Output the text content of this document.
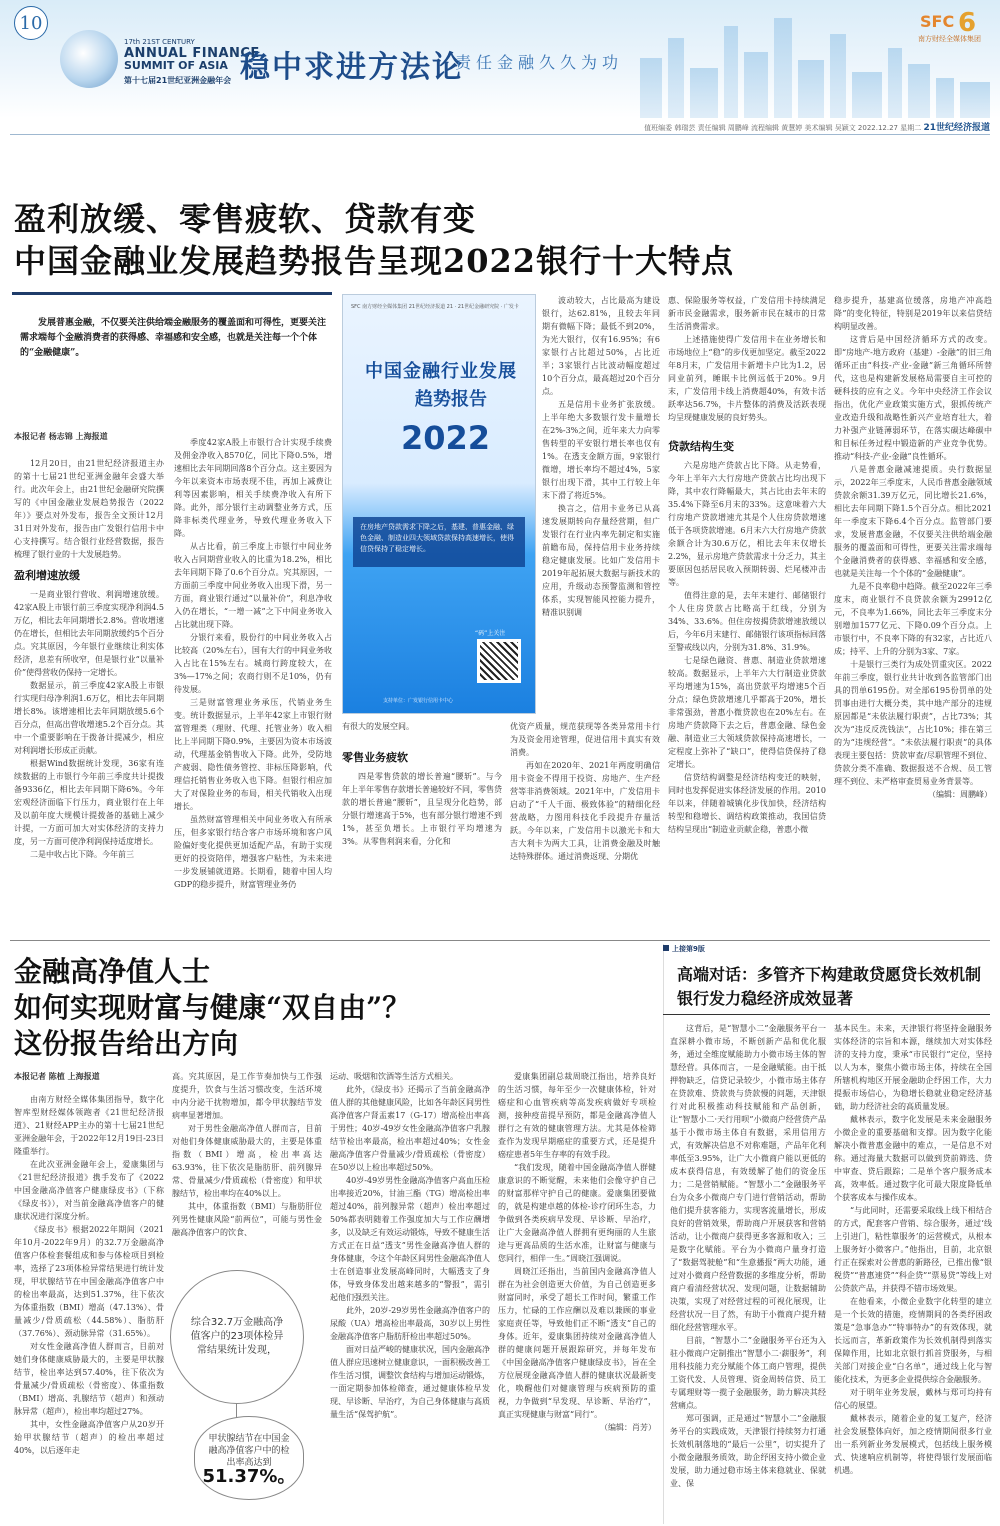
10
17th 21ST CENTURY
ANNUAL FINANCE
SUMMIT OF ASIA
第十七届21世纪亚洲金融年会 稳中求进方法论
责任金融久久为功
SFC 6
南方财经全媒体集团
值班编委 韩瑞芸 责任编辑 周鹏峰 流程编辑 黄慧婷 美术编辑 吴颖文 2022.12.27 星期二 21世纪经济报道
盈利放缓、零售疲软、贷款有变
中国金融业发展趋势报告呈现2022银行十大特点
发展普惠金融，不仅要关注供给端金融服务的覆盖面和可得性，更要关注需求端每个金融消费者的获得感、幸福感和安全感，也就是关注每一个个体的“金融健康”。
本报记者 杨志锦 上海报道

12月20日，由21世纪经济报道主办的第十七届21世纪亚洲金融年会盛大举行。此次年会上，由21世纪金融研究院撰写的《中国金融业发展趋势报告（2022年）》要点对外发布，报告全文预计12月31日对外发布，报告由广发银行信用卡中心支持撰写。结合银行业经营数据，报告梳理了银行业的十大发展趋势。

盈利增速放缓

一是商业银行营收、利润增速放缓。42家A股上市银行前三季度实现净利润4.5万亿，相比去年同期增长2.8%。营收增速仍在增长，但相比去年同期放缓约5个百分点。究其原因，今年银行业继续让利实体经济，息差有所收窄，但是银行业“以量补价”使得营收仍保持一定增长。

数据显示，前三季度42家A股上市银行实现归母净利润1.6万亿，相比去年同期增长8%。该增速相比去年同期放缓5.6个百分点，但高出营收增速5.2个百分点。其中一个重要影响在于拨备计提减少，相应对利润增长形成正贡献。

根据Wind数据统计发现，36家有连续数据的上市银行今年前三季度共计提拨备9336亿，相比去年同期下降6%。今年宏观经济面临下行压力，商业银行在上年及以前年度大规模计提拨备的基础上减少计提，一方面可加大对实体经济的支持力度，另一方面可使净利润保持适度增长。

二是中收占比下降。今年前三

季度42家A股上市银行合计实现手续费及佣金净收入8570亿，同比下降0.5%，增速相比去年同期回落8个百分点。这主要因为今年以来资本市场表现不佳，再加上减费让利等因素影响，相关手续费净收入有所下降。此外，部分银行主动调整业务方式，压降非标类代理业务，导致代理业务收入下降。

从占比看，前三季度上市银行中间业务收入占同期营业收入的比重为18.2%，相比去年同期下降了0.6个百分点。究其原因，一方面前三季度中间业务收入出现下滑，另一方面，商业银行通过“以量补价”，利息净收入仍在增长，“一增一减”之下中间业务收入占比就出现下降。

分银行来看，股份行的中间业务收入占比较高（20%左右），国有大行的中间业务收入占比在15%左右。城商行跨度较大，在3%—17%之间；农商行则不足10%，仍有待发展。

三是财富管理业务承压，代销业务生变。统计数据显示，上半年42家上市银行财富管理类（理财、代理、托管业务）收入相比上半同期下降0.9%，主要因为资本市场波动，代理基金销售收入下降。此外，受防地产疲弱、隐性债务管控、非标压降影响，代理信托销售业务收入也下降。但银行相应加大了对保险业务的布局，相关代销收入出现增长。

虽然财富管理相关中间业务收入有所承压，但多家银行结合客户市场环境和客户风险偏好变化提供更加适配产品，有助于实现更好的投资陪伴，增强客户粘性，为未来进一步发展铺就道路。长期看，随着中国人均GDP的稳步提升，财富管理业务仍

SFC 南方财经全媒体集团 21世纪经济报道 21 · 21世纪金融研究院 · 广发卡
中国金融行业发展
趋势报告
2022
在房地产贷款需求下降之后，基建、普惠金融、绿色金融、制造业四大领域贷款保持高速增长，使得信贷保持了稳定增长。
“码”上关注
支持单位：广发银行信用卡中心

有很大的发展空间。

零售业务疲软

四是零售贷款的增长普遍“腰斩”。与今年上半年零售存款增长普遍较好不同，零售贷款的增长普遍“腰斩”，且呈现分化趋势，部分银行增速高于5%，也有部分银行增速不到1%，甚至负增长。上市银行平均增速为3%。从零售利润来看，分化和

波动较大，占比最高为建设银行，达62.81%，且较去年同期有微幅下降；最低不到20%，为光大银行，仅有16.95%；有6家银行占比超过50%，占比近半；3家银行占比波动幅度超过10个百分点，最高超过20个百分点。

五是信用卡业务扩张放缓。上半年绝大多数银行发卡量增长在2%-3%之间，近年来大力向零售转型的平安银行增长率也仅有1%。在透支金额方面，9家银行微增，增长率均不超过4%，5家银行出现下滑，其中工行较上年末下滑了将近5%。

换言之，信用卡业务已从高速发展期转向存量经营期，但广发银行在行业内率先制定和实施前瞻布局，保持信用卡业务持续稳定健康发展。比如广发信用卡2019年起拓展大数据与新技术的应用，升级动态预警监测和管控体系，实现智能风控能力提升，精准识别调

优资产质量，规范获现等各类异常用卡行为及资金用途管理，促进信用卡真实有效消费。

再如在2020年、2021年两度明确信用卡资金不得用于投资、房地产、生产经营等非消费领域。2021年中，广发信用卡启动了“千人千面、极致体验”的精细化经营战略，力图用科技化手段提升存量活跃。今年以来，广发信用卡以激光卡和大吉大利卡为两大工具，让消费金融及时触达特殊群体。通过消费返现、分期优

惠、保险服务等权益，广发信用卡持续满足新市民金融需求，服务新市民在城市的日常生活消费需求。

上述措施使得广发信用卡在业务增长和市场地位上“稳”的步伐更加坚定。截至2022年8月末，广发信用卡新增卡户比为1.2，居同业前列，睡眠卡比例远低于20%。9月末，广发信用卡线上消费超40%，有效卡活跃率达56.7%，卡片整体的消费及活跃表现均呈现健康发展的良好势头。

贷款结构生变

六是房地产贷款占比下降。从走势看，今年上半年六大行房地产贷款占比均出现下降，其中农行降幅最大，其占比由去年末的35.4%下降至6月末的33%。这意味着六大行房地产贷款增速尤其是个人住房贷款增速低于各项贷款增速。6月末六大行房地产贷款余额合计为30.6万亿，相比去年末仅增长2.2%，显示房地产贷款需求十分乏力，其主要原因包括居民收入预期转弱、烂尾楼冲击等。

值得注意的是，去年末建行、邮储银行个人住房贷款占比略高于红线，分别为34%、33.6%。但住房按揭贷款增速放缓以后，今年6月末建行、邮储银行该项指标回落至警戒线以内，分别为31.8%、31.9%。

七是绿色融资、普惠、制造业贷款增速较高。数据显示，上半年六大行制造业贷款平均增速为15%，高出贷款平均增速5个百分点；绿色贷款增速几乎都高于20%，增长非常强劲，普惠小微贷款也在20%左右。在房地产贷款降下去之后，普惠金融、绿色金融、制造业三大领域贷款保持高速增长，一定程度上弥补了“缺口”，使得信贷保持了稳定增长。

信贷结构调整是经济结构变迁的映射，同时也发挥促进实体经济发展的作用。2010年以来，伴随着城镇化步伐加快，经济结构转型和稳增长、调结构政策推动，我国信贷结构呈现出“制造业贡献企稳，普惠小微

稳步提升，基建高位缓落，房地产冲高趋降”的变化特征，特别是2019年以来信贷结构明显改善。

这背后是中国经济循环方式的改变。即“房地产-地方政府（基建）-金融”的旧三角循环正由“科技-产业-金融”新三角循环所替代，这也是构建新发展格局需要自主可控的硬科技的应有之义。今年中央经济工作会议指出，优化产业政策实施方式，狠抓传统产业改造升级和战略性新兴产业培育壮大，着力补强产业链薄弱环节，在落实碳达峰碳中和目标任务过程中锻造新的产业竞争优势。推动“科技-产业-金融”良性循环。

八是普惠金融减速提质。央行数据显示，2022年三季度末，人民币普惠金融领域贷款余额31.39万亿元，同比增长21.6%，相比去年同期下降1.5个百分点。相比2021年一季度末下降6.4个百分点。监管部门要求，发展普惠金融，不仅要关注供给端金融服务的覆盖面和可得性，更要关注需求端每个金融消费者的获得感、幸福感和安全感，也就是关注每一个个体的“金融健康”。

九是不良率稳中趋降。截至2022年三季度末，商业银行不良贷款余额为29912亿元，不良率为1.66%，同比去年三季度末分别增加1577亿元、下降0.09个百分点。上市银行中，不良率下降的有32家，占比近八成；持平、上升的分别为3家、7家。

十是银行三类行为成处罚重灾区。2022年前三季度，银行业共计收到各监管部门出具的罚单6195份。对全部6195份罚单的处罚事由进行大概分类，其中地产部分的违规原因都是“未依法履行职责”，占比73%；其次为“违反反洗钱法”，占比10%；排在第三的为“违规经营”。“未依法履行职责”的具体表现主要包括：贷款审查/尽职管理不到位、贷款分类不准确、数据报送不合规、员工管理不到位、未严格审查贸易业务背景等。

（编辑：周鹏峰）

金融高净值人士
如何实现财富与健康“双自由”？
这份报告给出方向
本报记者 陈植 上海报道

由南方财经全媒体集团指导，数字化智库型财经媒体领跑者《21世纪经济报道》、21财经APP主办的第十七届21世纪亚洲金融年会，于2022年12月19日-23日隆重举行。

在此次亚洲金融年会上，爱康集团与《21世纪经济报道》携手发布了《2022中国金融高净值客户健康绿皮书》（下称《绿皮书》），对当前金融高净值客户的健康状况进行深度分析。

《绿皮书》根据2022年期间（2021年10月-2022年9月）的32.7万金融高净值客户体检套餐组成和参与体检项目到检率，选择了23项体检异常结果进行统计发现，甲状腺结节在中国金融高净值客户中的检出率最高，达到51.37%，往下依次为体重指数（BMI）增高（47.13%）、骨量减少/骨质疏松（44.58%）、脂肪肝（37.76%）、颈动脉异常（31.65%）。

对女性金融高净值人群而言，目前对她们身体健康威胁最大的，主要是甲状腺结节，检出率达到57.40%，往下依次为骨量减少/骨质疏松（骨密度）、体重指数（BMI）增高、乳腺结节（超声）和颈动脉异常（超声），检出率均超过27%。

其中，女性金融高净值客户从20岁开始甲状腺结节（超声）的检出率超过40%，以后逐年走

高。究其原因，是工作节奏加快与工作强度提升，饮食与生活习惯改变，生活环境中内分泌干扰物增加，都令甲状腺结节发病率显著增加。

对于男性金融高净值人群而言，目前对他们身体健康威胁最大的，主要是体重指数（BMI）增高，检出率高达63.93%，往下依次是脂肪肝、前列腺异常、骨量减少/骨质疏松（骨密度）和甲状腺结节，检出率均在40%以上。

其中，体重指数（BMI）与脂肪肝位列男性健康风险“前两位”，可能与男性金融高净值客户的饮食、

综合32.7万金融高净值客户的23项体检异常结果统计发现，
甲状腺结节在中国金融高净值客户中的检出率高达到
51.37%。

运动、吸烟和饮酒等生活方式相关。

此外，《绿皮书》还揭示了当前金融高净值人群的其他健康风险，比如各年龄区间男性高净值客户肾盂素17（G-17）增高检出率高于男性；40岁-49岁女性金融高净值客户乳腺结节检出率最高，检出率超过40%；女性金融高净值客户骨量减少/骨质疏松（骨密度）在50岁以上检出率超过50%。

40岁-49岁男性金融高净值客户高血压检出率接近20%，甘油三酯（TG）增高检出率超过40%，前列腺异常（超声）检出率超过50%都表明随着工作强度加大与工作应酬增多，以及缺乏有效运动锻炼，导致不健康生活方式正在日益“透支”男性金融高净值人群的身体健康，令这个年龄区间男性金融高净值人士在创造事业发展高峰同时，大幅透支了身体，导致身体发出越来越多的“警报”，需引起他们强烈关注。

此外，20岁-29岁男性金融高净值客户的尿酸（UA）增高检出率最高，30岁以上男性金融高净值客户脂肪肝检出率超过50%。

面对日益严峻的健康状况，国内金融高净值人群应迅速树立健康意识，一面积极改善工作生活习惯，调整饮食结构与增加运动锻炼，一面定期参加体检筛查，通过健康体检早发现、早诊断、早治疗，为自己身体健康与高质量生活“保驾护航”。

爱康集团副总裁周晓江指出，培养良好的生活习惯，每年至少一次健康体检，针对癌症和心血管疾病等高发疾病做好专项检测，接种疫苗提早预防，都是金融高净值人群行之有效的健康管理方法。尤其是体检筛查作为发现早期癌症的重要方式，还是提升癌症患者5年生存率的有效手段。

“我们发现，随着中国金融高净值人群健康意识的不断觉醒，未来他们会像守护自己的财富那样守护自己的健康。爱康集团要做的，就是构建卓越的体检-诊疗闭环生态，力争做到各类疾病早发现、早诊断、早治疗，让广大金融高净值人群拥有更绚丽的人生旅途与更高品质的生活水准，让财富与健康与您同行，相伴一生。”周晓江强调说。

周晓江还指出，当前国内金融高净值人群在为社会创造更大价值，为自己创造更多财富同时，承受了超长工作时间，繁重工作压力，忙碌的工作应酬以及难以兼顾的事业家庭责任等，导致他们正不断“透支”自己的身体。近年，爱康集团持续对金融高净值人群的健康问题开展跟踪研究，并每年发布《中国金融高净值客户健康绿皮书》，旨在全方位展现金融高净值人群的健康状况最新变化，唤醒他们对健康管理与疾病预防的重视，力争做到“早发现、早诊断、早治疗”，真正实现健康与财富“同行”。

（编辑：肖芳）

上接第9版
高端对话：多管齐下构建敢贷愿贷长效机制
银行发力稳经济成效显著

这背后，是“智慧小二”金融服务平台一直深耕小微市场，不断创新产品和优化服务，通过全维度赋能助力小微市场主体的智慧经营。具体而言，一是金融赋能。由于抵押物缺乏，信贷记录较少，小微市场主体存在贷款难、贷款贵与贷款慢的问题，天津银行对此积极推动科技赋能和产品创新，让“智慧小二·天行用呗”小微商户经营贷产品基于小微市场主体自有数据，采用信用方式，有效解决信息不对称难题，产品年化利率低至3.95%，让广大小微商户能以更低的成本获得信息，有效缓解了他们的资金压力；二是营销赋能。“智慧小二”金融服务平台为众多小微商户专门进行营销活动，帮助他们提升获客能力，实现客流量增长，形成良好的营销效果，帮助商户开展获客和营销活动，让小微商户获得更多客源和收入；三是数字化赋能。平台为小微商户量身打造了“数据驾驶舱”和“生意播报”两大功能，通过对小微商户经营数据的多维度分析，帮助商户看清经营状况、发现问题，让数据辅助决策，实现了对经营过程的可视化展现，让经营状况一目了然，有助于小微商户提升精细化经营管理水平。

目前，“智慧小二”金融服务平台还为入驻小微商户定制推出“智慧小二·薪服务”，利用科技能力充分赋能个体工商户管理，提供工资代发、人员管理、资金周转信贷、员工专属理财等一揽子金融服务，助力解决其经营痛点。

郑可强调，正是通过“智慧小二”金融服务平台的实践成效，天津银行持续努力打通长效机制落地的“最后一公里”，切实提升了小微金融服务质效，助企纾困支持小微企业发展，助力通过稳市场主体来稳就业、保就业、保

基本民生。未来，天津银行将坚持金融服务实体经济的宗旨和本源，继续加大对实体经济的支持力度，秉承“市民银行”定位，坚持以人为本，聚焦小微市场主体，持续在全国所辖机构地区开展金融助企纾困工作，大力提振市场信心，为稳增长稳就业稳定经济基础，助力经济社会的高质量发展。

戴林表示，数字化发展是未来金融服务小微企业的重要基础和支撑。因为数字化能解决小微普惠金融中的难点，一是信息不对称。通过海量大数据可以做到贷前筛选、贷中审查、贷后跟踪；二是单个客户服务成本高，效率低。通过数字化可最大限度降低单个获客成本与操作成本。

“与此同时，还需要采取线上线下相结合的方式，配套客户营销、综合服务，通过‘线上引进门，粘性靠服务’的运营模式，从根本上服务好小微客户。”他指出，目前，北京银行正在探索对公普惠的新路径，已推出像“银税贷”“普惠速贷”“科企贷”“票易贷”等线上对公贷款产品，并获得不错市场效果。

在他看来，小微企业数字化转型的建立是一个长效的措施，疫情期间的各类纾困政策是“急事急办”“特事特办”的有效体现，就长远而言，革新政策作为长效机制得到落实保障作用，比如北京银行抓首贷服务，与相关部门对接企业“白名单”，通过线上化与智能化技术，为更多企业提供综合金融服务。

对于明年业务发展，戴林与郑可均持有信心的展望。

戴林表示，随着企业的复工复产，经济社会发展整体向好，加之疫情期间很多行业出一系列新业务发展模式，包括线上服务模式、快速响应机制等，将使得银行发展面临机遇。
